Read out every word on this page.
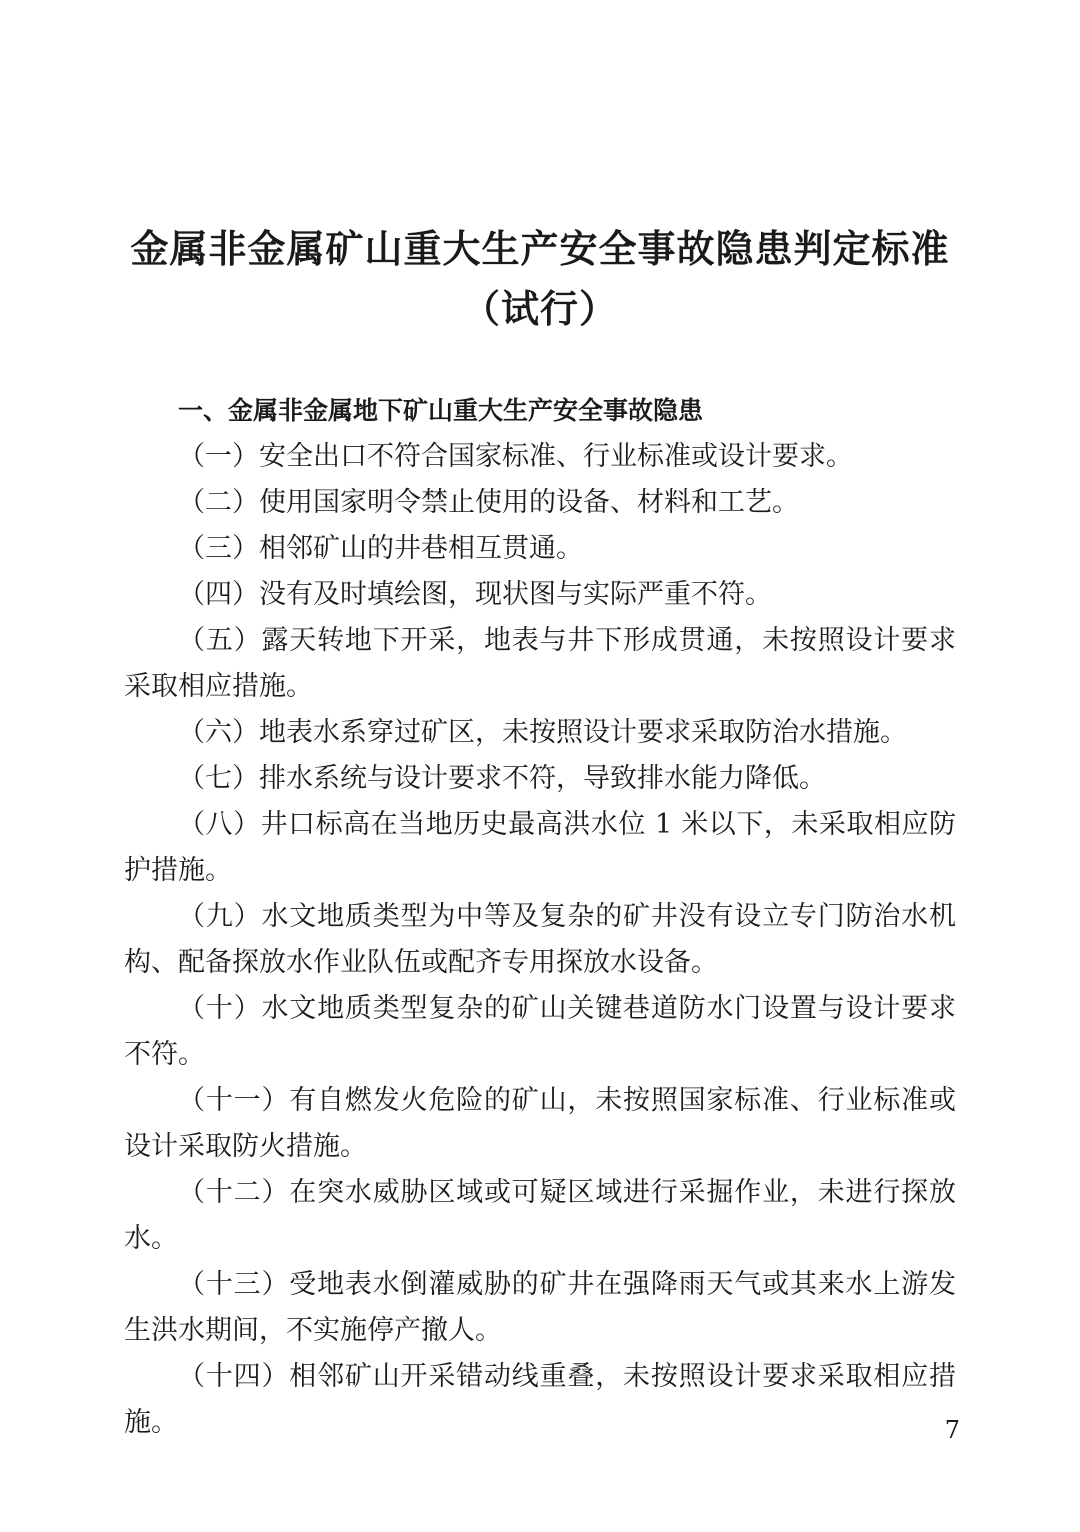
金属非金属矿山重大生产安全事故隐患判定标准
（试行）

一、金属非金属地下矿山重大生产安全事故隐患

（一）安全出口不符合国家标准、行业标准或设计要求。

（二）使用国家明令禁止使用的设备、材料和工艺。

（三）相邻矿山的井巷相互贯通。

（四）没有及时填绘图，现状图与实际严重不符。

（五）露天转地下开采，地表与井下形成贯通，未按照设计要求采取相应措施。

（六）地表水系穿过矿区，未按照设计要求采取防治水措施。

（七）排水系统与设计要求不符，导致排水能力降低。

（八）井口标高在当地历史最高洪水位 1 米以下，未采取相应防护措施。

（九）水文地质类型为中等及复杂的矿井没有设立专门防治水机构、配备探放水作业队伍或配齐专用探放水设备。

（十）水文地质类型复杂的矿山关键巷道防水门设置与设计要求不符。

（十一）有自燃发火危险的矿山，未按照国家标准、行业标准或设计采取防火措施。

（十二）在突水威胁区域或可疑区域进行采掘作业，未进行探放水。

（十三）受地表水倒灌威胁的矿井在强降雨天气或其来水上游发生洪水期间，不实施停产撤人。

（十四）相邻矿山开采错动线重叠，未按照设计要求采取相应措施。	7
